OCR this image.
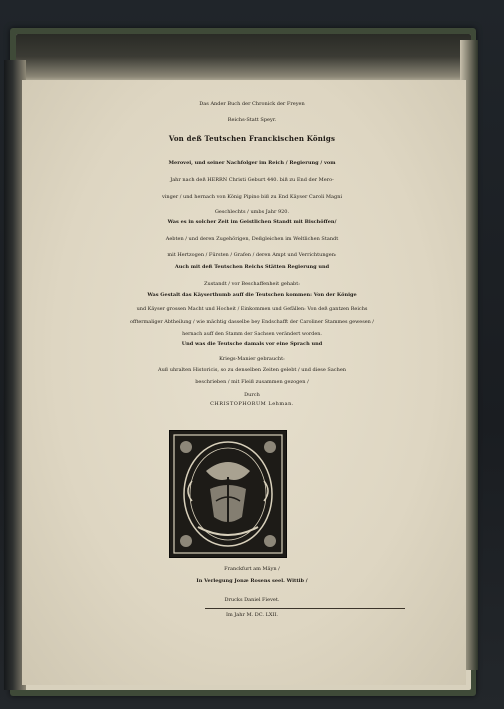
Das Ander Buch der Chronick der Freyen

Reichs-Statt Speyr.

Von deß Teutschen Franckischen Königs

Merovei, und seiner Nachfolger im Reich / Regierung / vom

Jahr nach deß HERRN Christi Geburt 440. biß zu End der Mero-

vinger / und hernach von König Pipino biß zu End Käyser Caroli Magni

Geschlechts / umbs Jahr 920.

Was es in solcher Zeit im Geistlichen Standt mit Bischöffen/

Aebten / und deren Zugehörigen, Deßgleichen im Weltlichen Standt

mit Hertzogen / Fürsten / Grafen / deren Ampt und Verrichtungen:

Auch mit deß Teutschen Reichs Stätten Regierung und

Zustandt / vor Beschaffenheit gehabt:

Was Gestalt das Käyserthumb auff die Teutschen kommen: Von der Könige

und Käyser grossen Macht und Hocheit / Einkommen und Gefällen: Von deß gantzen Reichs

offtermaliger Abtheilung / wie mächtig dasselbe bey Endschafft der Caroliner Stammes gewesen /

hernach auff den Stamm der Sachsen verändert worden.

Und was die Teutsche damals vor eine Sprach und

Kriegs-Manier gebraucht:

Auß uhralten Historicis, so zu denselben Zeiten gelebt / und diese Sachen

beschrieben / mit Fleiß zusammen gezogen /

Durch

CHRISTOPHORUM Lehman.

Franckfurt am Mäyn /

In Verlegung Jonæ Rosens seel. Wittib /

Drucks Daniel Fievet.

Im Jahr M. DC. LXII.
